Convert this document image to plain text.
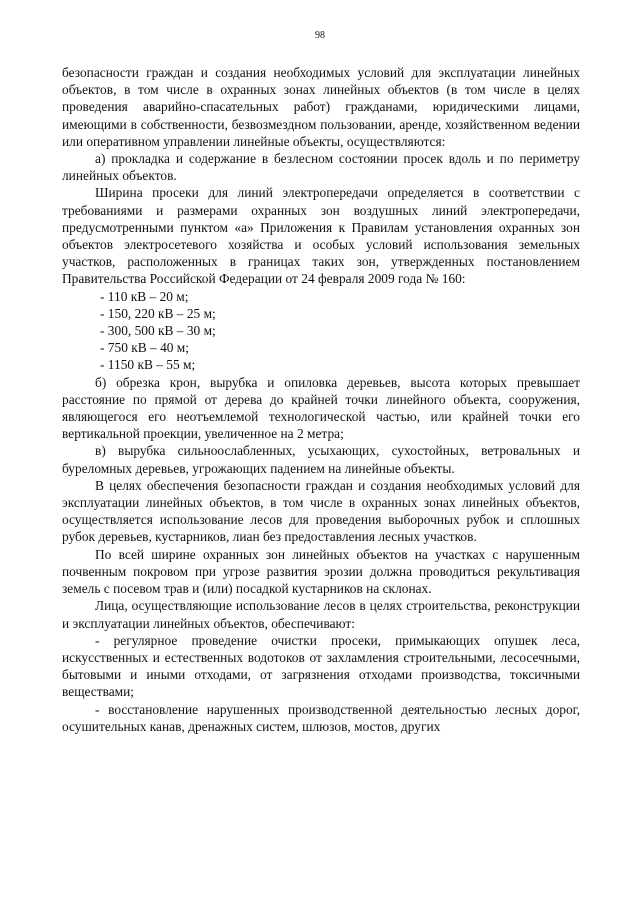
98

безопасности граждан и создания необходимых условий для эксплуатации линейных объектов, в том числе в охранных зонах линейных объектов (в том числе в целях проведения аварийно-спасательных работ) гражданами, юридическими лицами, имеющими в собственности, безвозмездном пользовании, аренде, хозяйственном ведении или оперативном управлении линейные объекты, осуществляются:

а) прокладка и содержание в безлесном состоянии просек вдоль и по периметру линейных объектов.

Ширина просеки для линий электропередачи определяется в соответствии с требованиями и размерами охранных зон воздушных линий электропередачи, предусмотренными пунктом «а» Приложения к Правилам установления охранных зон объектов электросетевого хозяйства и особых условий использования земельных участков, расположенных в границах таких зон, утвержденных постановлением Правительства Российской Федерации от 24 февраля 2009 года № 160:

- 110 кВ – 20 м;

- 150, 220 кВ – 25 м;

- 300, 500 кВ – 30 м;

- 750 кВ – 40 м;

- 1150 кВ – 55 м;

б) обрезка крон, вырубка и опиловка деревьев, высота которых превышает расстояние по прямой от дерева до крайней точки линейного объекта, сооружения, являющегося его неотъемлемой технологической частью, или крайней точки его вертикальной проекции, увеличенное на 2 метра;

в) вырубка сильноослабленных, усыхающих, сухостойных, ветровальных и буреломных деревьев, угрожающих падением на линейные объекты.

В целях обеспечения безопасности граждан и создания необходимых условий для эксплуатации линейных объектов, в том числе в охранных зонах линейных объектов, осуществляется использование лесов для проведения выборочных рубок и сплошных рубок деревьев, кустарников, лиан без предоставления лесных участков.

По всей ширине охранных зон линейных объектов на участках с нарушенным почвенным покровом при угрозе развития эрозии должна проводиться рекультивация земель с посевом трав и (или) посадкой кустарников на склонах.

Лица, осуществляющие использование лесов в целях строительства, реконструкции и эксплуатации линейных объектов, обеспечивают:

- регулярное проведение очистки просеки, примыкающих опушек леса, искусственных и естественных водотоков от захламления строительными, лесосечными, бытовыми и иными отходами, от загрязнения отходами производства, токсичными веществами;

- восстановление нарушенных производственной деятельностью лесных дорог, осушительных канав, дренажных систем, шлюзов, мостов, других
